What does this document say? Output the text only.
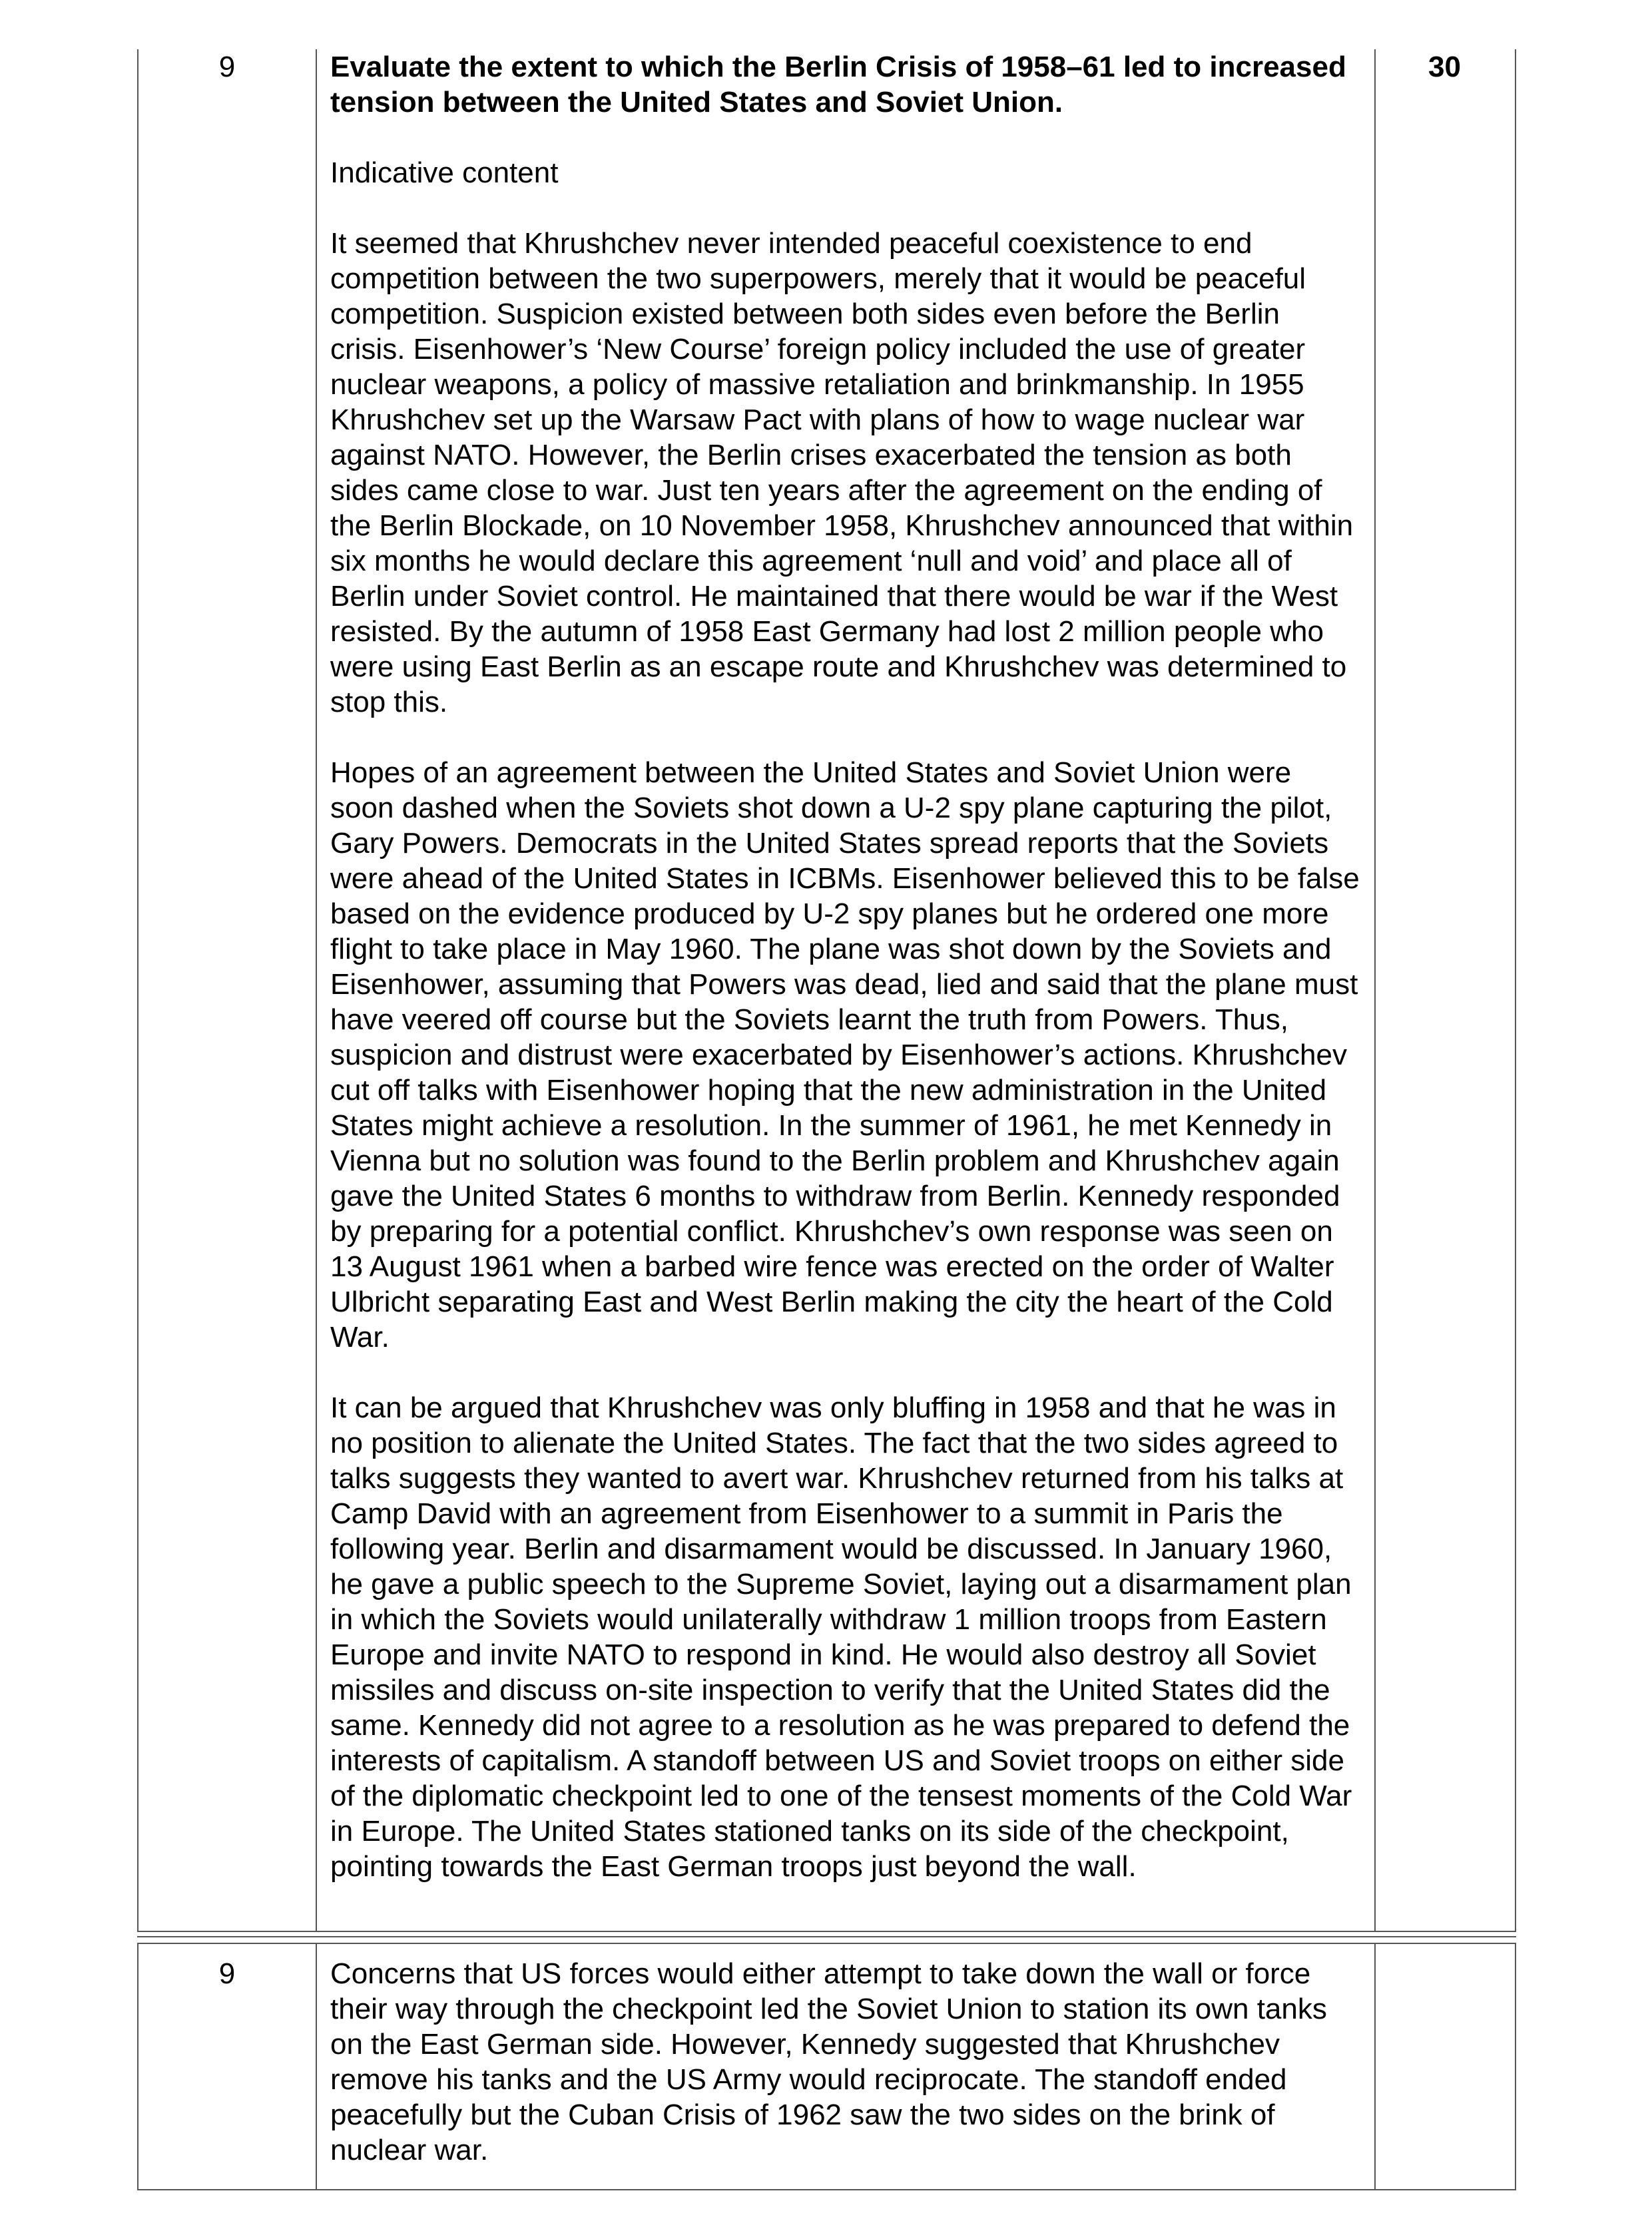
9	Evaluate the extent to which the Berlin Crisis of 1958–61 led to increased tension between the United States and Soviet Union.

Indicative content

It seemed that Khrushchev never intended peaceful coexistence to end competition between the two superpowers, merely that it would be peaceful competition. Suspicion existed between both sides even before the Berlin crisis. Eisenhower’s ‘New Course’ foreign policy included the use of greater nuclear weapons, a policy of massive retaliation and brinkmanship. In 1955 Khrushchev set up the Warsaw Pact with plans of how to wage nuclear war against NATO. However, the Berlin crises exacerbated the tension as both sides came close to war. Just ten years after the agreement on the ending of the Berlin Blockade, on 10 November 1958, Khrushchev announced that within six months he would declare this agreement ‘null and void’ and place all of Berlin under Soviet control. He maintained that there would be war if the West resisted. By the autumn of 1958 East Germany had lost 2 million people who were using East Berlin as an escape route and Khrushchev was determined to stop this.

Hopes of an agreement between the United States and Soviet Union were soon dashed when the Soviets shot down a U-2 spy plane capturing the pilot, Gary Powers. Democrats in the United States spread reports that the Soviets were ahead of the United States in ICBMs. Eisenhower believed this to be false based on the evidence produced by U-2 spy planes but he ordered one more flight to take place in May 1960. The plane was shot down by the Soviets and Eisenhower, assuming that Powers was dead, lied and said that the plane must have veered off course but the Soviets learnt the truth from Powers. Thus, suspicion and distrust were exacerbated by Eisenhower’s actions. Khrushchev cut off talks with Eisenhower hoping that the new administration in the United States might achieve a resolution. In the summer of 1961, he met Kennedy in Vienna but no solution was found to the Berlin problem and Khrushchev again gave the United States 6 months to withdraw from Berlin. Kennedy responded by preparing for a potential conflict. Khrushchev’s own response was seen on 13 August 1961 when a barbed wire fence was erected on the order of Walter Ulbricht separating East and West Berlin making the city the heart of the Cold War.

It can be argued that Khrushchev was only bluffing in 1958 and that he was in no position to alienate the United States. The fact that the two sides agreed to talks suggests they wanted to avert war. Khrushchev returned from his talks at Camp David with an agreement from Eisenhower to a summit in Paris the following year. Berlin and disarmament would be discussed. In January 1960, he gave a public speech to the Supreme Soviet, laying out a disarmament plan in which the Soviets would unilaterally withdraw 1 million troops from Eastern Europe and invite NATO to respond in kind. He would also destroy all Soviet missiles and discuss on-site inspection to verify that the United States did the same. Kennedy did not agree to a resolution as he was prepared to defend the interests of capitalism. A standoff between US and Soviet troops on either side of the diplomatic checkpoint led to one of the tensest moments of the Cold War in Europe. The United States stationed tanks on its side of the checkpoint, pointing towards the East German troops just beyond the wall.

30
9	Concerns that US forces would either attempt to take down the wall or force their way through the checkpoint led the Soviet Union to station its own tanks on the East German side. However, Kennedy suggested that Khrushchev remove his tanks and the US Army would reciprocate. The standoff ended peacefully but the Cuban Crisis of 1962 saw the two sides on the brink of nuclear war.
